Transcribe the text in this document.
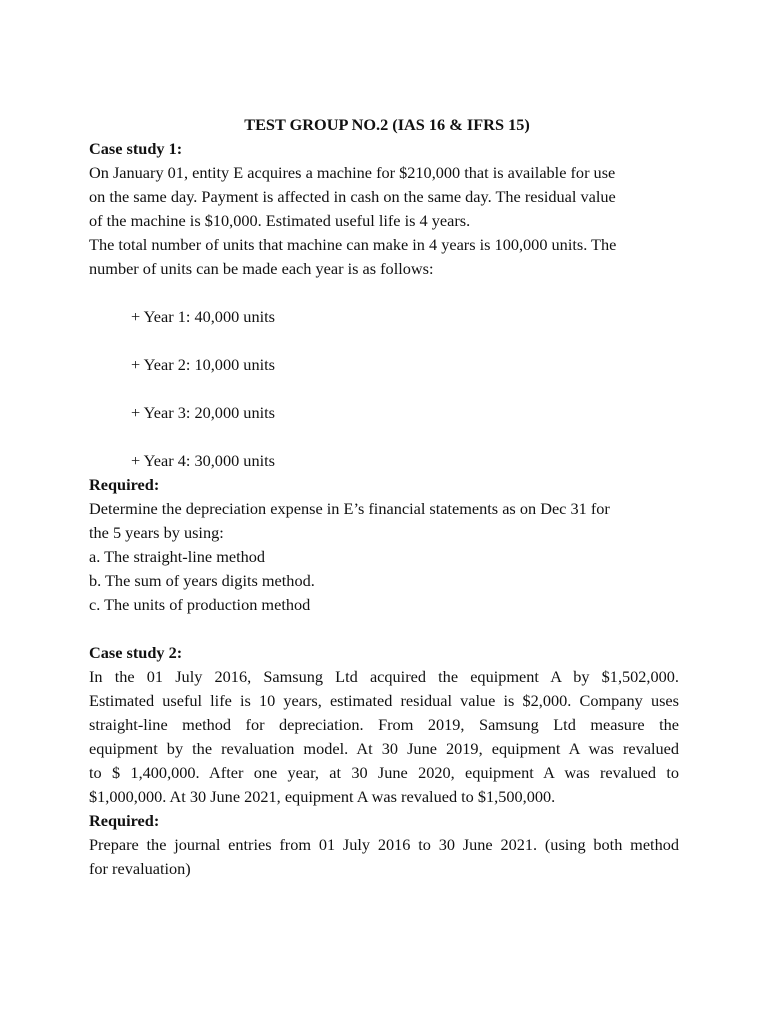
TEST GROUP NO.2 (IAS 16 & IFRS 15)
Case study 1:
On January 01, entity E acquires a machine for $210,000 that is available for use
on the same day. Payment is affected in cash on the same day. The residual value
of the machine is $10,000. Estimated useful life is 4 years.
The total number of units that machine can make in 4 years is 100,000 units. The
number of units can be made each year is as follows:
+ Year 1: 40,000 units
+ Year 2: 10,000 units
+ Year 3: 20,000 units
+ Year 4: 30,000 units
Required:
Determine the depreciation expense in E’s financial statements as on Dec 31 for
the 5 years by using:
a. The straight-line method
b. The sum of years digits method.
c. The units of production method
Case study 2:
In the 01 July 2016, Samsung Ltd acquired the equipment A by $1,502,000.
Estimated useful life is 10 years, estimated residual value is $2,000. Company uses
straight-line method for depreciation. From 2019, Samsung Ltd measure the
equipment by the revaluation model. At 30 June 2019, equipment A was revalued
to $ 1,400,000. After one year, at 30 June 2020, equipment A was revalued to
$1,000,000. At 30 June 2021, equipment A was revalued to $1,500,000.
Required:
Prepare the journal entries from 01 July 2016 to 30 June 2021. (using both method
for revaluation)
